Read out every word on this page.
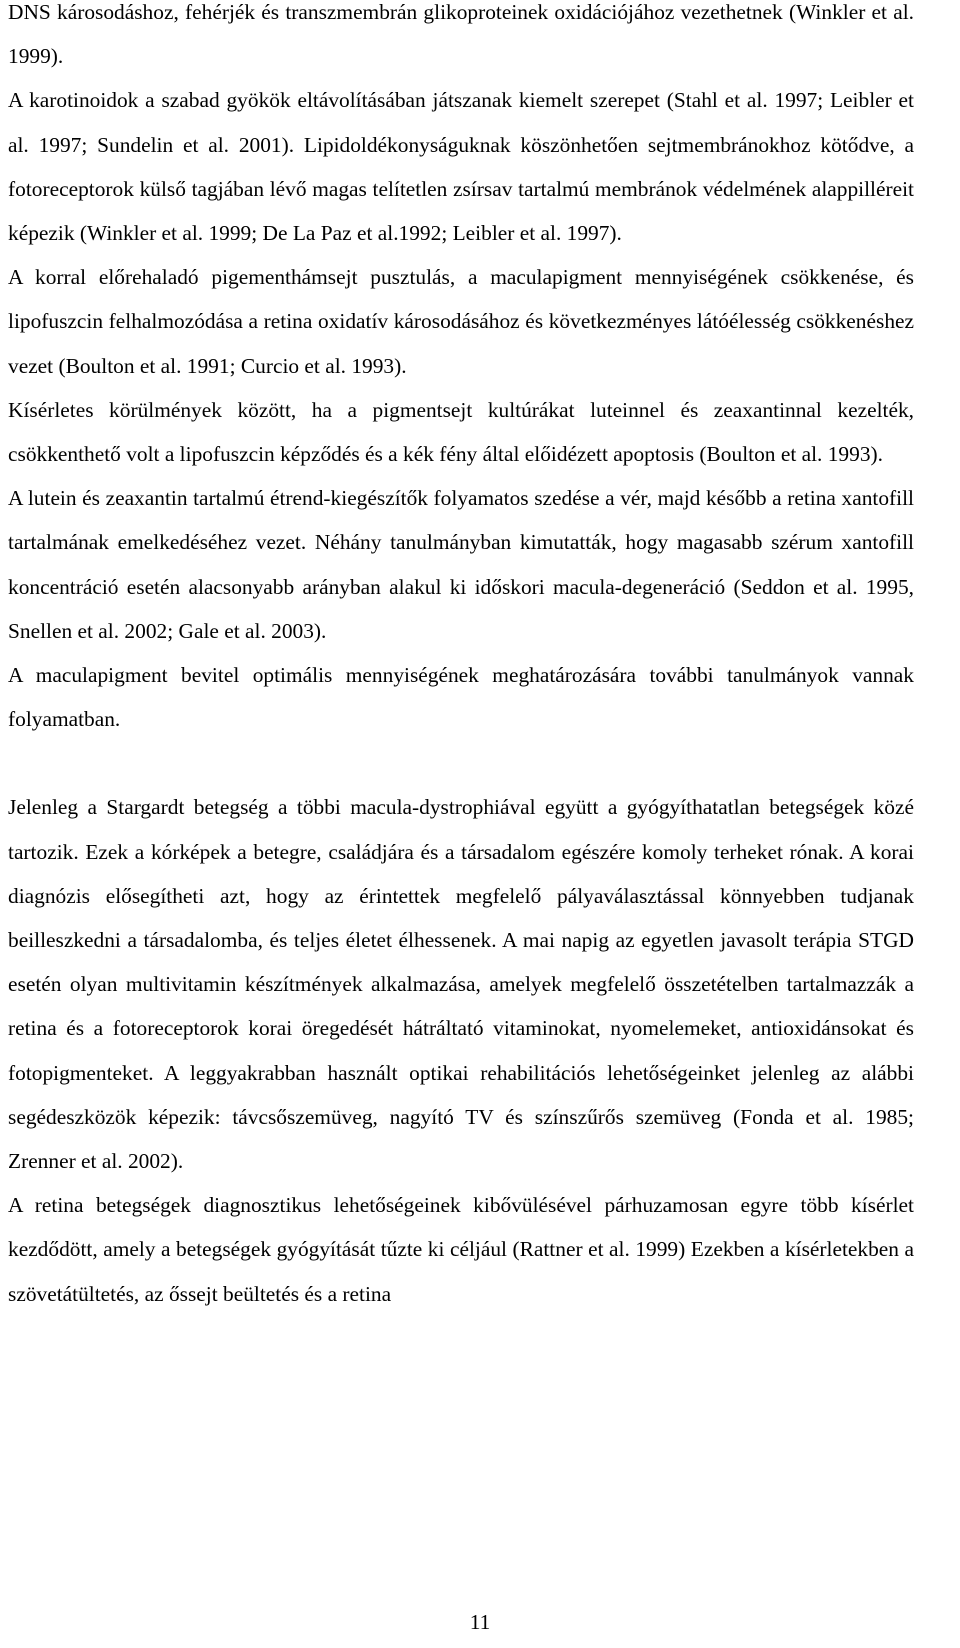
DNS károsodáshoz, fehérjék és transzmembrán glikoproteinek oxidációjához vezethetnek (Winkler et al. 1999).

A karotinoidok a szabad gyökök eltávolításában játszanak kiemelt szerepet (Stahl et al. 1997; Leibler et al. 1997; Sundelin et al. 2001). Lipidoldékonyságuknak köszönhetően sejtmembránokhoz kötődve, a fotoreceptorok külső tagjában lévő magas telítetlen zsírsav tartalmú membránok védelmének alappilléreit képezik (Winkler et al. 1999; De La Paz et al.1992; Leibler et al. 1997).

A korral előrehaladó pigementhámsejt pusztulás, a maculapigment mennyiségének csökkenése, és lipofuszcin felhalmozódása a retina oxidatív károsodásához és következményes látóélesség csökkenéshez vezet (Boulton et al. 1991; Curcio et al. 1993).

Kísérletes körülmények között, ha a pigmentsejt kultúrákat luteinnel és zeaxantinnal kezelték, csökkenthető volt a lipofuszcin képződés és a kék fény által előidézett apoptosis (Boulton et al. 1993).

A lutein és zeaxantin tartalmú étrend-kiegészítők folyamatos szedése a vér, majd később a retina xantofill tartalmának emelkedéséhez vezet. Néhány tanulmányban kimutatták, hogy magasabb szérum xantofill koncentráció esetén alacsonyabb arányban alakul ki időskori macula-degeneráció (Seddon et al. 1995, Snellen et al. 2002; Gale et al. 2003).

A maculapigment bevitel optimális mennyiségének meghatározására további tanulmányok vannak folyamatban.

Jelenleg a Stargardt betegség a többi macula-dystrophiával együtt a gyógyíthatatlan betegségek közé tartozik. Ezek a kórképek a betegre, családjára és a társadalom egészére komoly terheket rónak. A korai diagnózis elősegítheti azt, hogy az érintettek megfelelő pályaválasztással könnyebben tudjanak beilleszkedni a társadalomba, és teljes életet élhessenek. A mai napig az egyetlen javasolt terápia STGD esetén olyan multivitamin készítmények alkalmazása, amelyek megfelelő összetételben tartalmazzák a retina és a fotoreceptorok korai öregedését hátráltató vitaminokat, nyomelemeket, antioxidánsokat és fotopigmenteket. A leggyakrabban használt optikai rehabilitációs lehetőségeinket jelenleg az alábbi segédeszközök képezik: távcsőszemüveg, nagyító TV és színszűrős szemüveg (Fonda et al. 1985; Zrenner et al. 2002).

A retina betegségek diagnosztikus lehetőségeinek kibővülésével párhuzamosan egyre több kísérlet kezdődött, amely a betegségek gyógyítását tűzte ki céljául (Rattner et al. 1999) Ezekben a kísérletekben a szövetátültetés, az őssejt beültetés és a retina

11
